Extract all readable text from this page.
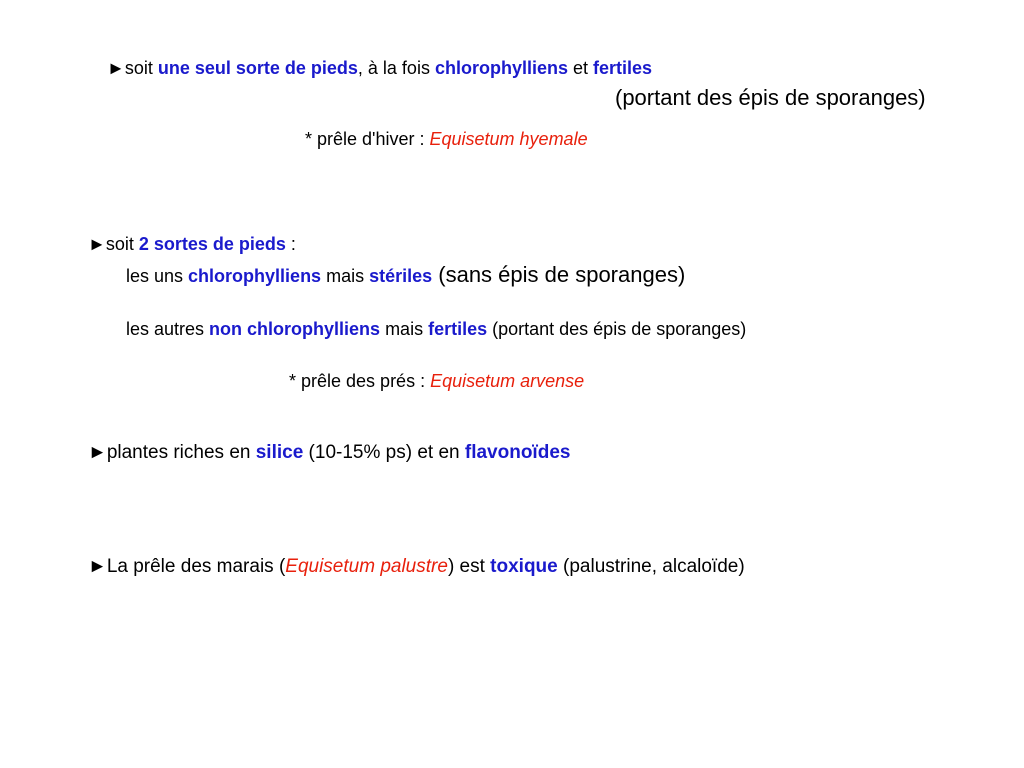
►soit une seul sorte de pieds, à la fois chlorophylliens et fertiles
(portant des épis de sporanges)
* prêle d'hiver : Equisetum hyemale
►soit 2 sortes de pieds :
les uns chlorophylliens mais stériles (sans épis de sporanges)
les autres non chlorophylliens mais fertiles (portant des épis de sporanges)
* prêle des prés : Equisetum arvense
►plantes riches en silice (10-15% ps) et en flavonoïdes
►La prêle des marais (Equisetum palustre) est toxique (palustrine, alcaloïde)
